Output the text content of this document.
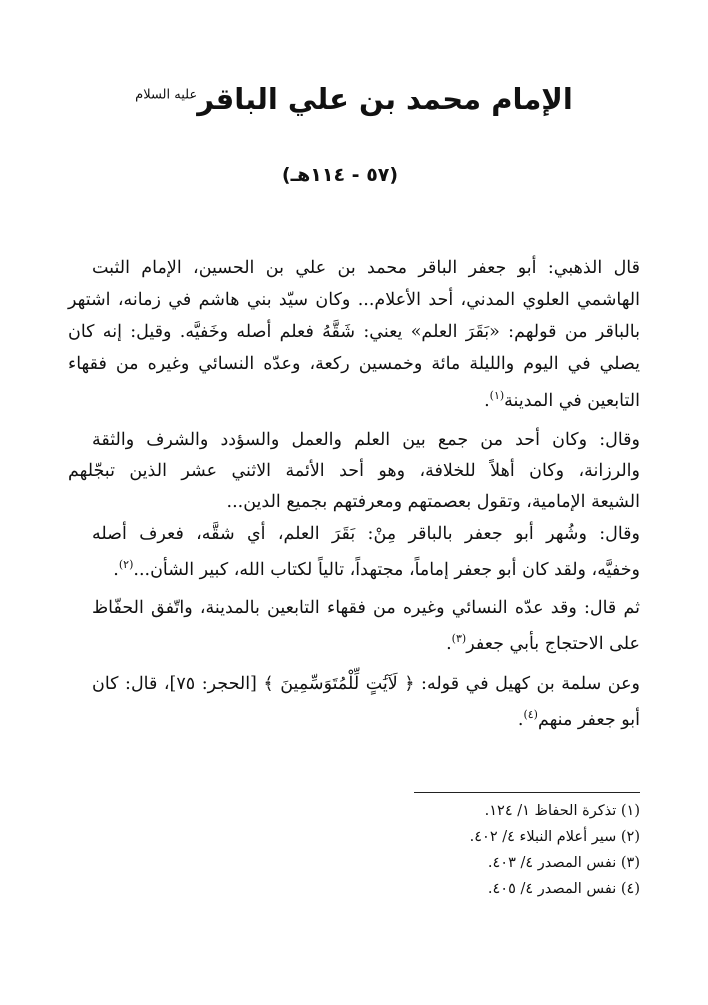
الإمام محمد بن علي الباقر$^{عليه السلام}$
(٥٧ - ١١٤هـ)
قال الذهبي: أبو جعفر الباقر محمد بن علي بن الحسين، الإمام الثبت
الهاشمي العلوي المدني، أحد الأعلام... وكان سيّد بني هاشم في زمانه، اشتهر
بالباقر من قولهم: «بَقَرَ العلم» يعني: شَقَّهُ فعلم أصله وخَفيَّه. وقيل: إنه كان
يصلي في اليوم والليلة مائة وخمسين ركعة، وعدّه النسائي وغيره من فقهاء
التابعين في المدينة$^{(١)}$.
وقال: وكان أحد من جمع بين العلم والعمل والسؤدد والشرف والثقة
والرزانة، وكان أهلاً للخلافة، وهو أحد الأئمة الاثني عشر الذين تبجّلهم
الشيعة الإمامية، وتقول بعصمتهم ومعرفتهم بجميع الدين...
وقال: وشُهر أبو جعفر بالباقر مِنْ: بَقَرَ العلم، أي شقَّه، فعرف أصله
وخفيَّه، ولقد كان أبو جعفر إماماً، مجتهداً، تالياً لكتاب الله، كبير الشأن...$^{(٢)}$.
ثم قال: وقد عدّه النسائي وغيره من فقهاء التابعين بالمدينة، واتّفق الحفّاظ
على الاحتجاج بأبي جعفر$^{(٣)}$.
وعن سلمة بن كهيل في قوله: ﴿ لَآيَٰتٍ لِّلْمُتَوَسِّمِينَ ﴾ [الحجر: ٧٥]، قال: كان
أبو جعفر منهم$^{(٤)}$.
(١) تذكرة الحفاظ ١/ ١٢٤.
(٢) سير أعلام النبلاء ٤/ ٤٠٢.
(٣) نفس المصدر ٤/ ٤٠٣.
(٤) نفس المصدر ٤/ ٤٠٥.
